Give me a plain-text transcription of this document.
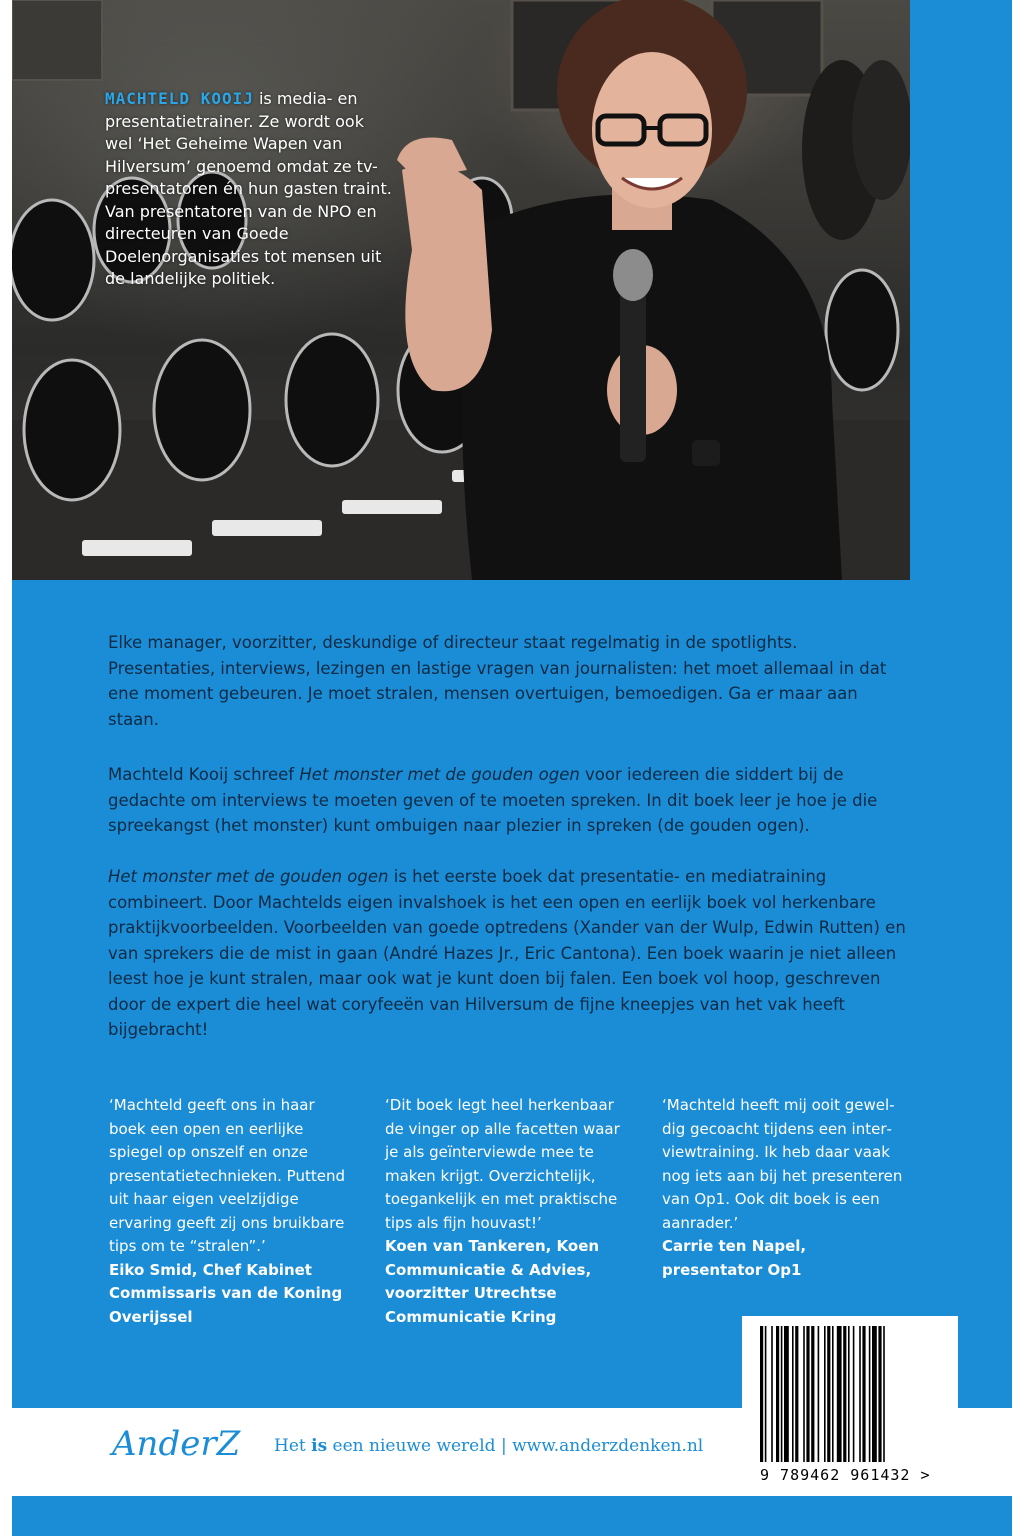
MACHTELD KOOIJ is media- en presentatietrainer. Ze wordt ook wel ‘Het Geheime Wapen van Hilversum’ genoemd omdat ze tv-presentatoren én hun gasten traint. Van presentatoren van de NPO en directeuren van Goede Doelenorganisaties tot mensen uit de landelijke politiek.

Elke manager, voorzitter, deskundige of directeur staat regelmatig in de spotlights. Presentaties, interviews, lezingen en lastige vragen van journalisten: het moet allemaal in dat ene moment gebeuren. Je moet stralen, mensen overtuigen, bemoedigen. Ga er maar aan staan.

Machteld Kooij schreef Het monster met de gouden ogen voor iedereen die siddert bij de gedachte om interviews te moeten geven of te moeten spreken. In dit boek leer je hoe je die spreekangst (het monster) kunt ombuigen naar plezier in spreken (de gouden ogen).

Het monster met de gouden ogen is het eerste boek dat presentatie- en mediatraining combineert. Door Machtelds eigen invalshoek is het een open en eerlijk boek vol herkenbare praktijkvoorbeelden. Voorbeelden van goede optredens (Xander van der Wulp, Edwin Rutten) en van sprekers die de mist in gaan (André Hazes Jr., Eric Cantona). Een boek waarin je niet alleen leest hoe je kunt stralen, maar ook wat je kunt doen bij falen. Een boek vol hoop, geschreven door de expert die heel wat coryfeeën van Hilversum de fijne kneepjes van het vak heeft bijgebracht!

‘Machteld geeft ons in haar boek een open en eerlijke spiegel op onszelf en onze presentatietechnieken. Puttend uit haar eigen veelzijdige ervaring geeft zij ons bruikbare tips om te “stralen”.’
Eiko Smid, Chef Kabinet Commissaris van de Koning Overijssel
‘Dit boek legt heel herkenbaar de vinger op alle facetten waar je als geïnterviewde mee te maken krijgt. Overzichtelijk, toegankelijk en met praktische tips als fijn houvast!’
Koen van Tankeren, Koen Communicatie & Advies, voorzitter Utrechtse Communicatie Kring
‘Machteld heeft mij ooit geweldig gecoacht tijdens een interviewtraining. Ik heb daar vaak nog iets aan bij het presenteren van Op1. Ook dit boek is een aanrader.’
Carrie ten Napel, presentator Op1
AnderZ Het is een nieuwe wereld | www.anderzdenken.nl
9 789462 961432 >
